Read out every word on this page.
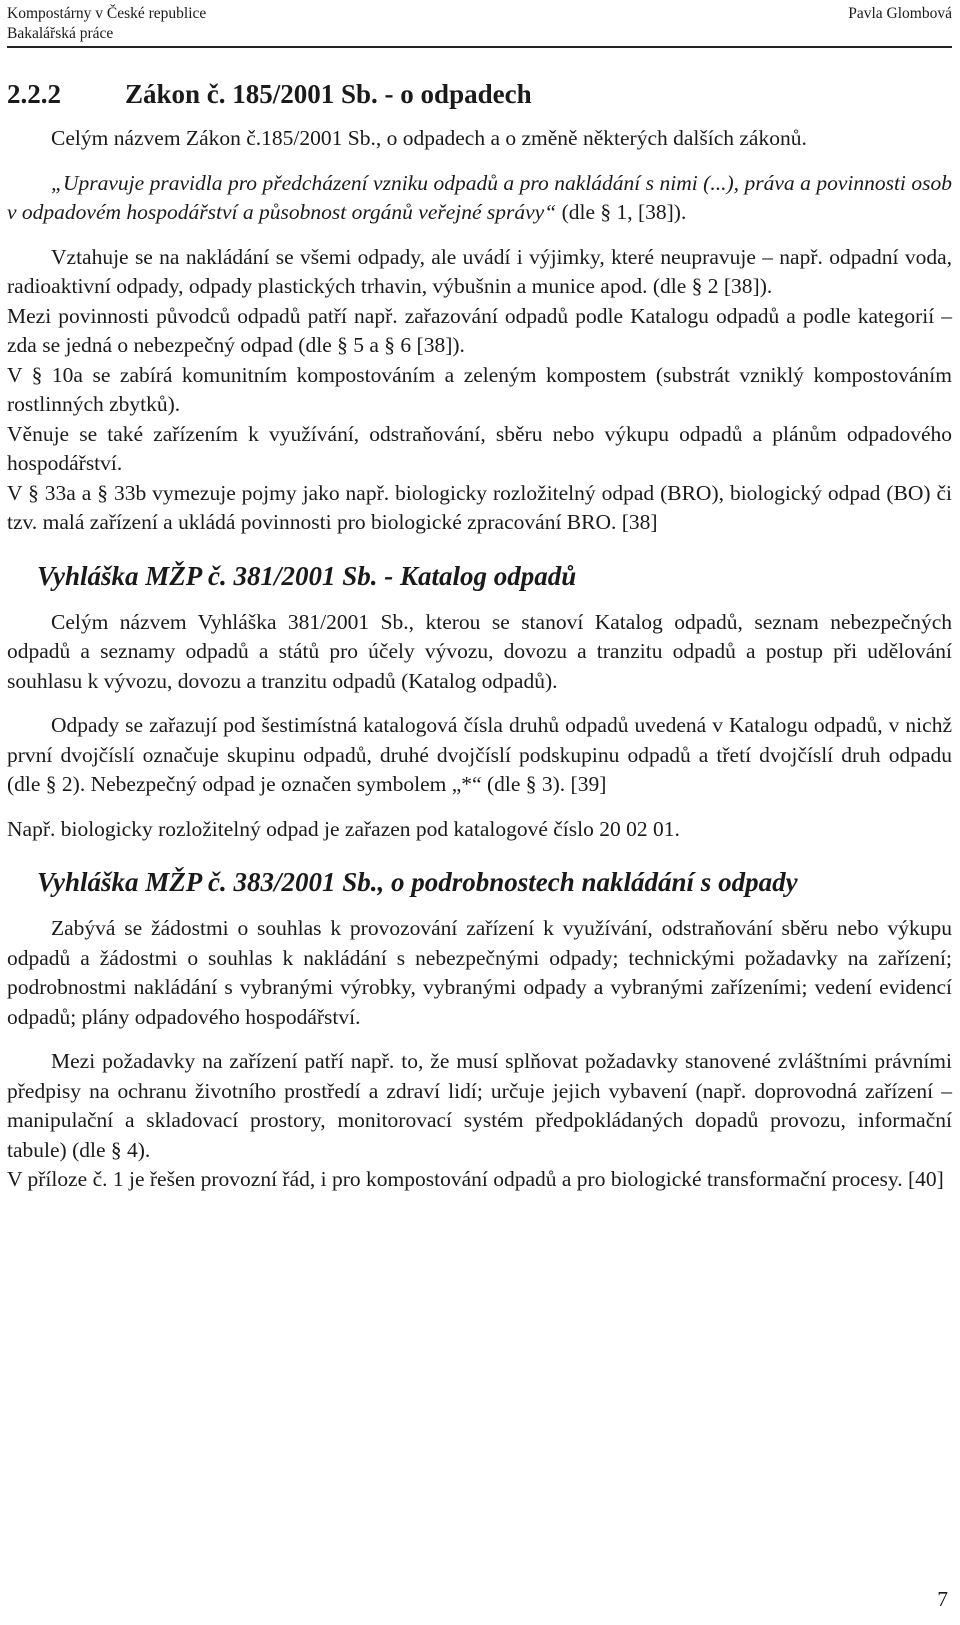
Kompostárny v České republice
Bakalářská práce
Pavla Glombová
2.2.2 Zákon č. 185/2001 Sb. - o odpadech

Celým názvem Zákon č.185/2001 Sb., o odpadech a o změně některých dalších zákonů.

„Upravuje pravidla pro předcházení vzniku odpadů a pro nakládání s nimi (...), práva a povinnosti osob v odpadovém hospodářství a působnost orgánů veřejné správy“ (dle § 1, [38]).

Vztahuje se na nakládání se všemi odpady, ale uvádí i výjimky, které neupravuje – např. odpadní voda, radioaktivní odpady, odpady plastických trhavin, výbušnin a munice apod. (dle § 2 [38]).

Mezi povinnosti původců odpadů patří např. zařazování odpadů podle Katalogu odpadů a podle kategorií – zda se jedná o nebezpečný odpad (dle § 5 a § 6 [38]).

V § 10a se zabírá komunitním kompostováním a zeleným kompostem (substrát vzniklý kompostováním rostlinných zbytků).

Věnuje se také zařízením k využívání, odstraňování, sběru nebo výkupu odpadů a plánům odpadového hospodářství.

V § 33a a § 33b vymezuje pojmy jako např. biologicky rozložitelný odpad (BRO), biologický odpad (BO) či tzv. malá zařízení a ukládá povinnosti pro biologické zpracování BRO. [38]

Vyhláška MŽP č. 381/2001 Sb. - Katalog odpadů

Celým názvem Vyhláška 381/2001 Sb., kterou se stanoví Katalog odpadů, seznam nebezpečných odpadů a seznamy odpadů a států pro účely vývozu, dovozu a tranzitu odpadů a postup při udělování souhlasu k vývozu, dovozu a tranzitu odpadů (Katalog odpadů).

Odpady se zařazují pod šestimístná katalogová čísla druhů odpadů uvedená v Katalogu odpadů, v nichž první dvojčíslí označuje skupinu odpadů, druhé dvojčíslí podskupinu odpadů a třetí dvojčíslí druh odpadu (dle § 2). Nebezpečný odpad je označen symbolem „*“ (dle § 3). [39]

Např. biologicky rozložitelný odpad je zařazen pod katalogové číslo 20 02 01.

Vyhláška MŽP č. 383/2001 Sb., o podrobnostech nakládání s odpady

Zabývá se žádostmi o souhlas k provozování zařízení k využívání, odstraňování sběru nebo výkupu odpadů a žádostmi o souhlas k nakládání s nebezpečnými odpady; technickými požadavky na zařízení; podrobnostmi nakládání s vybranými výrobky, vybranými odpady a vybranými zařízeními; vedení evidencí odpadů; plány odpadového hospodářství.

Mezi požadavky na zařízení patří např. to, že musí splňovat požadavky stanovené zvláštními právními předpisy na ochranu životního prostředí a zdraví lidí; určuje jejich vybavení (např. doprovodná zařízení – manipulační a skladovací prostory, monitorovací systém předpokládaných dopadů provozu, informační tabule) (dle § 4).

V příloze č. 1 je řešen provozní řád, i pro kompostování odpadů a pro biologické transformační procesy. [40]

7
